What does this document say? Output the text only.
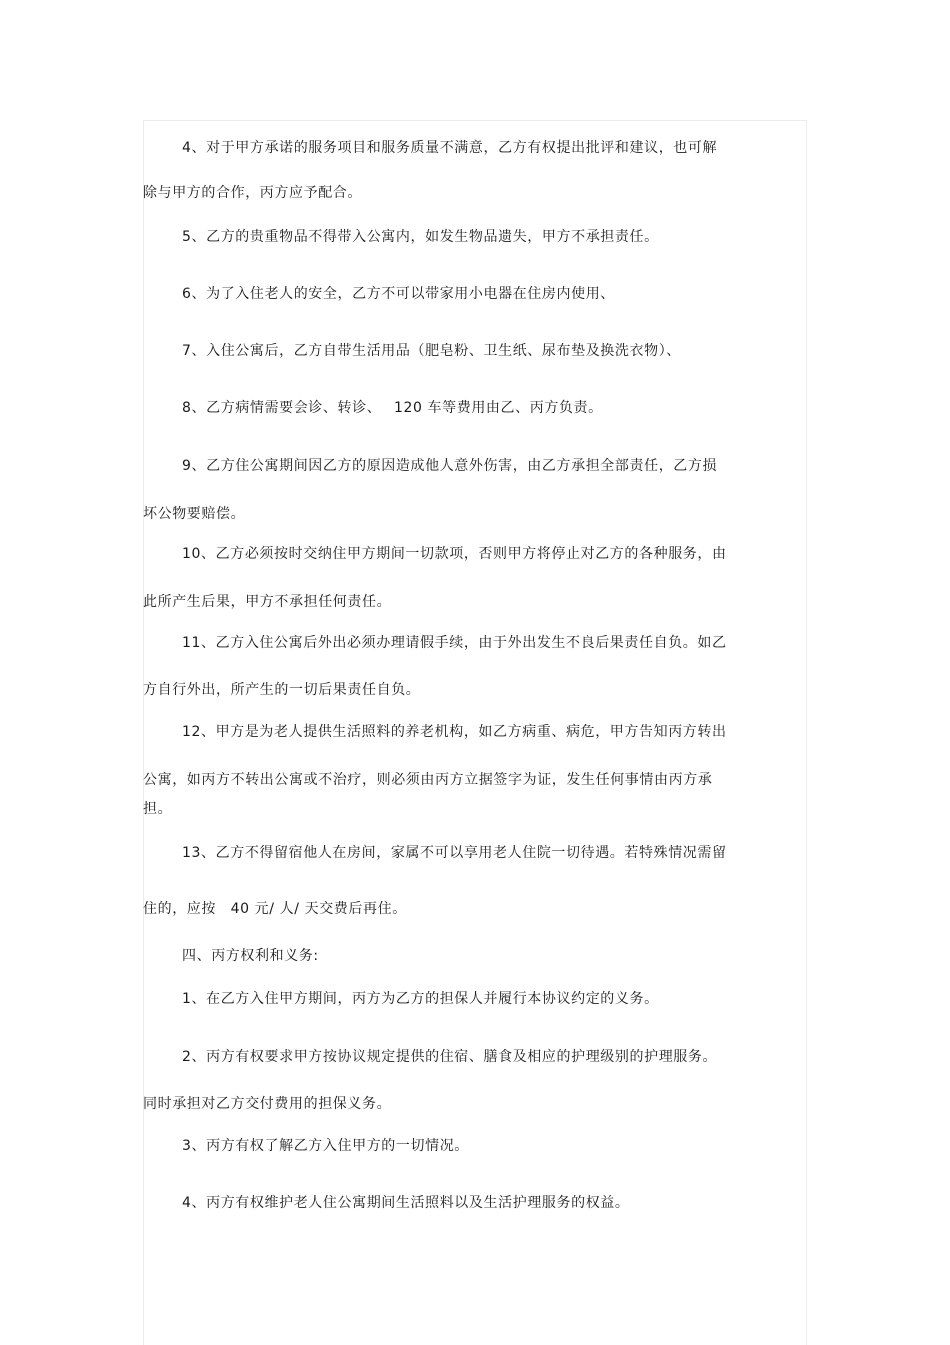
4、对于甲方承诺的服务项目和服务质量不满意，乙方有权提出批评和建议，也可解
除与甲方的合作，丙方应予配合。
5、乙方的贵重物品不得带入公寓内，如发生物品遗失，甲方不承担责任。
6、为了入住老人的安全，乙方不可以带家用小电器在住房内使用、
7、入住公寓后，乙方自带生活用品（肥皂粉、卫生纸、尿布垫及换洗衣物）、
8、乙方病情需要会诊、转诊、　 120 车等费用由乙、丙方负责。
9、乙方住公寓期间因乙方的原因造成他人意外伤害，由乙方承担全部责任，乙方损
坏公物要赔偿。
10、乙方必须按时交纳住甲方期间一切款项，否则甲方将停止对乙方的各种服务，由
此所产生后果，甲方不承担任何责任。
11、乙方入住公寓后外出必须办理请假手续，由于外出发生不良后果责任自负。如乙
方自行外出，所产生的一切后果责任自负。
12、甲方是为老人提供生活照料的养老机构，如乙方病重、病危，甲方告知丙方转出
公寓，如丙方不转出公寓或不治疗，则必须由丙方立据签字为证，发生任何事情由丙方承
担。
13、乙方不得留宿他人在房间，家属不可以享用老人住院一切待遇。若特殊情况需留
住的，应按　40 元/ 人/ 天交费后再住。
四、丙方权利和义务:
1、在乙方入住甲方期间，丙方为乙方的担保人并履行本协议约定的义务。
2、丙方有权要求甲方按协议规定提供的住宿、膳食及相应的护理级别的护理服务。
同时承担对乙方交付费用的担保义务。
3、丙方有权了解乙方入住甲方的一切情况。
4、丙方有权维护老人住公寓期间生活照料以及生活护理服务的权益。
